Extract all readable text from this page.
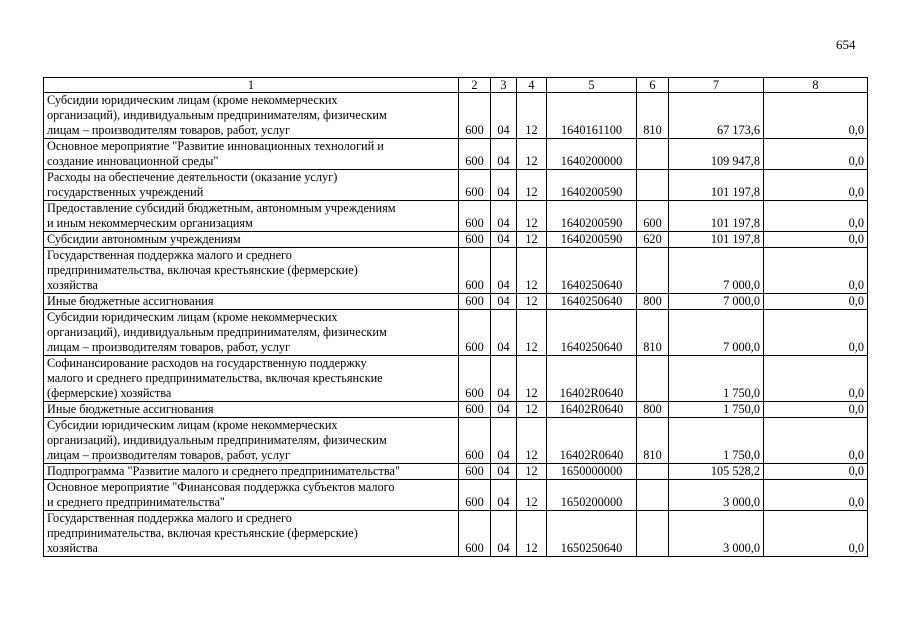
654
1	2	3	4	5	6	7	8
Субсидии юридическим лицам (кроме некоммерческих
организаций), индивидуальным предпринимателям, физическим
лицам – производителям товаров, работ, услуг	600	04	12	1640161100	810	67 173,6	0,0
Основное мероприятие "Развитие инновационных технологий и
создание инновационной среды"	600	04	12	1640200000		109 947,8	0,0
Расходы на обеспечение деятельности (оказание услуг)
государственных учреждений	600	04	12	1640200590		101 197,8	0,0
Предоставление субсидий бюджетным, автономным учреждениям
и иным некоммерческим организациям	600	04	12	1640200590	600	101 197,8	0,0
Субсидии автономным учреждениям	600	04	12	1640200590	620	101 197,8	0,0
Государственная поддержка малого и среднего
предпринимательства, включая крестьянские (фермерские)
хозяйства	600	04	12	1640250640		7 000,0	0,0
Иные бюджетные ассигнования	600	04	12	1640250640	800	7 000,0	0,0
Субсидии юридическим лицам (кроме некоммерческих
организаций), индивидуальным предпринимателям, физическим
лицам – производителям товаров, работ, услуг	600	04	12	1640250640	810	7 000,0	0,0
Софинансирование расходов на государственную поддержку
малого и среднего предпринимательства, включая крестьянские
(фермерские) хозяйства	600	04	12	16402R0640		1 750,0	0,0
Иные бюджетные ассигнования	600	04	12	16402R0640	800	1 750,0	0,0
Субсидии юридическим лицам (кроме некоммерческих
организаций), индивидуальным предпринимателям, физическим
лицам – производителям товаров, работ, услуг	600	04	12	16402R0640	810	1 750,0	0,0
Подпрограмма "Развитие малого и среднего предпринимательства"	600	04	12	1650000000		105 528,2	0,0
Основное мероприятие "Финансовая поддержка субъектов малого
и среднего предпринимательства"	600	04	12	1650200000		3 000,0	0,0
Государственная поддержка малого и среднего
предпринимательства, включая крестьянские (фермерские)
хозяйства	600	04	12	1650250640		3 000,0	0,0
